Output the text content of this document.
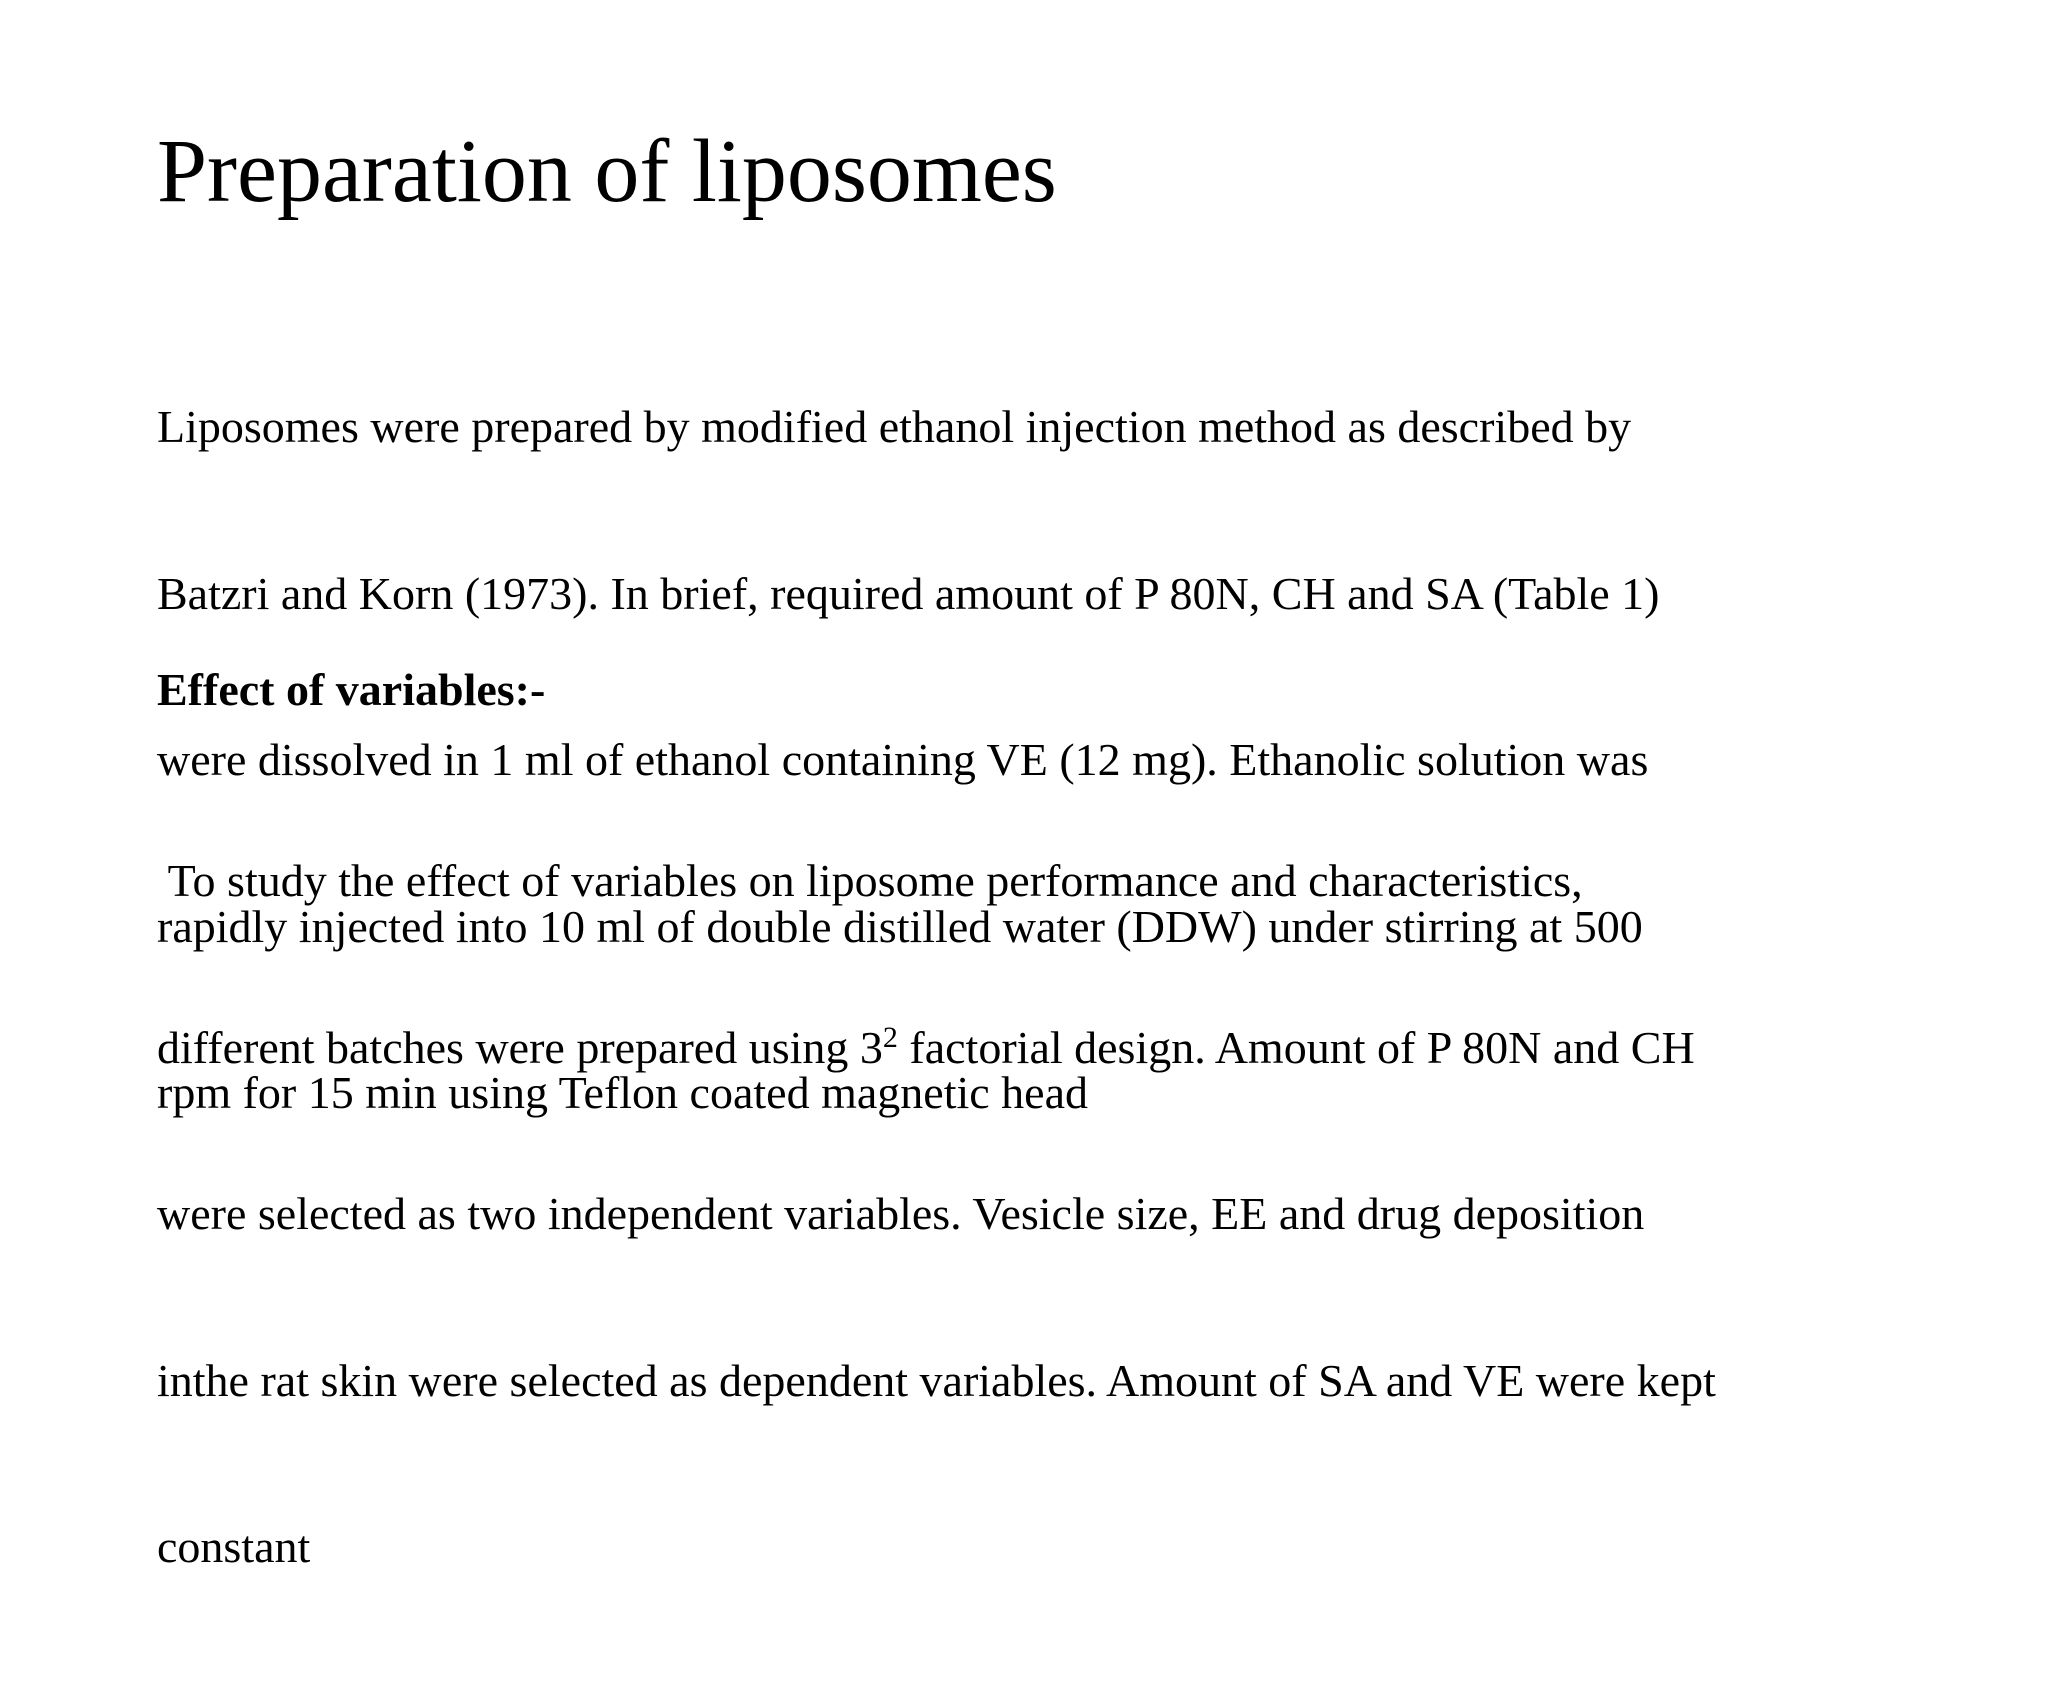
Preparation of liposomes

Liposomes were prepared by modified ethanol injection method as described by

Batzri and Korn (1973). In brief, required amount of P 80N, CH and SA (Table 1)

were dissolved in 1 ml of ethanol containing VE (12 mg). Ethanolic solution was

rapidly injected into 10 ml of double distilled water (DDW) under stirring at 500

rpm for 15 min using Teflon coated magnetic head

Effect of variables:-

To study the effect of variables on liposome performance and characteristics,

different batches were prepared using $3^2$ factorial design. Amount of P 80N and CH

were selected as two independent variables. Vesicle size, EE and drug deposition

inthe rat skin were selected as dependent variables. Amount of SA and VE were kept

constant
